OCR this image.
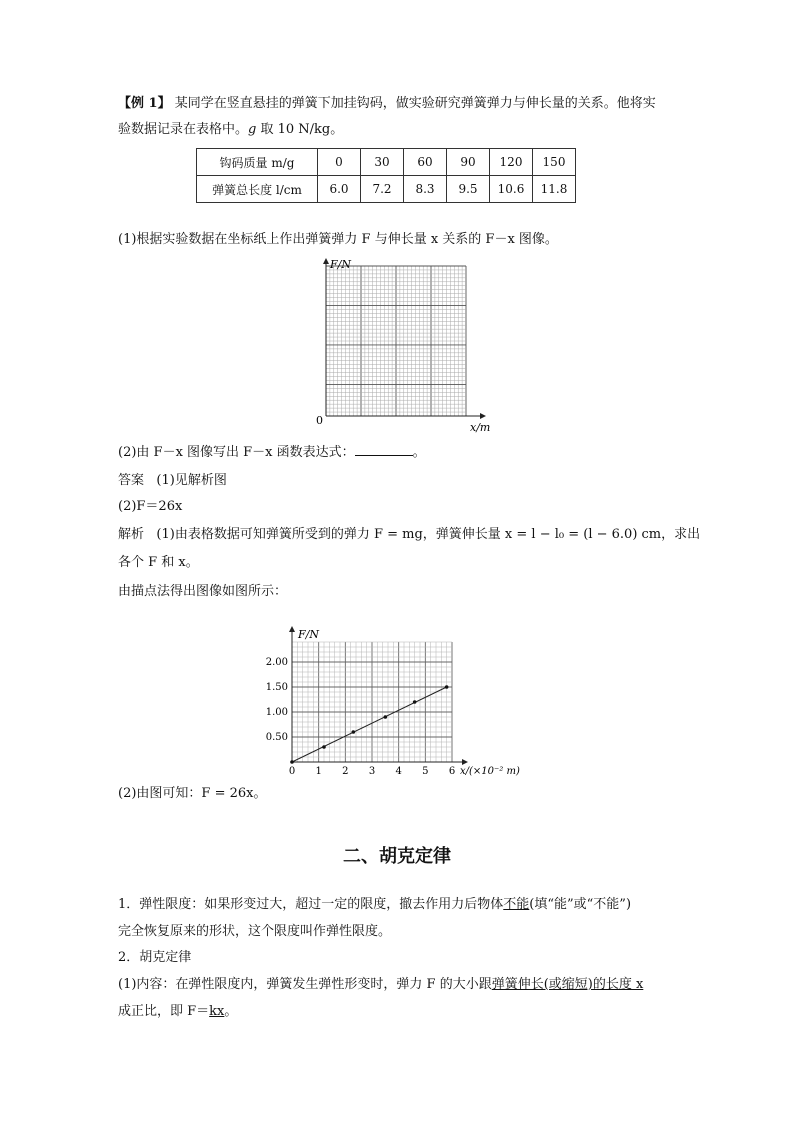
【例 1】 某同学在竖直悬挂的弹簧下加挂钩码，做实验研究弹簧弹力与伸长量的关系。他将实
验数据记录在表格中。g 取 10 N/kg。
钩码质量 m/g	0	30	60	90	120	150
弹簧总长度 l/cm	6.0	7.2	8.3	9.5	10.6	11.8
(1)根据实验数据在坐标纸上作出弹簧弹力 F 与伸长量 x 关系的 F－x 图像。
F/N
0
x/m
(2)由 F－x 图像写出 F－x 函数表达式：	。
答案 (1)见解析图
(2)F＝26x
解析 (1)由表格数据可知弹簧所受到的弹力 F = mg，弹簧伸长量 x = l − l₀ = (l − 6.0) cm，求出
各个 F 和 x。
由描点法得出图像如图所示：
0 1 2 3 4 5 6
0.50
1.00
1.50
2.00
F/N
x/(×10⁻² m)
(2)由图可知：F = 26x。
二、胡克定律
1．弹性限度：如果形变过大，超过一定的限度，撤去作用力后物体不能(填“能”或“不能”)
完全恢复原来的形状，这个限度叫作弹性限度。
2．胡克定律
(1)内容：在弹性限度内，弹簧发生弹性形变时，弹力 F 的大小跟弹簧伸长(或缩短)的长度 x
成正比，即 F＝kx。
